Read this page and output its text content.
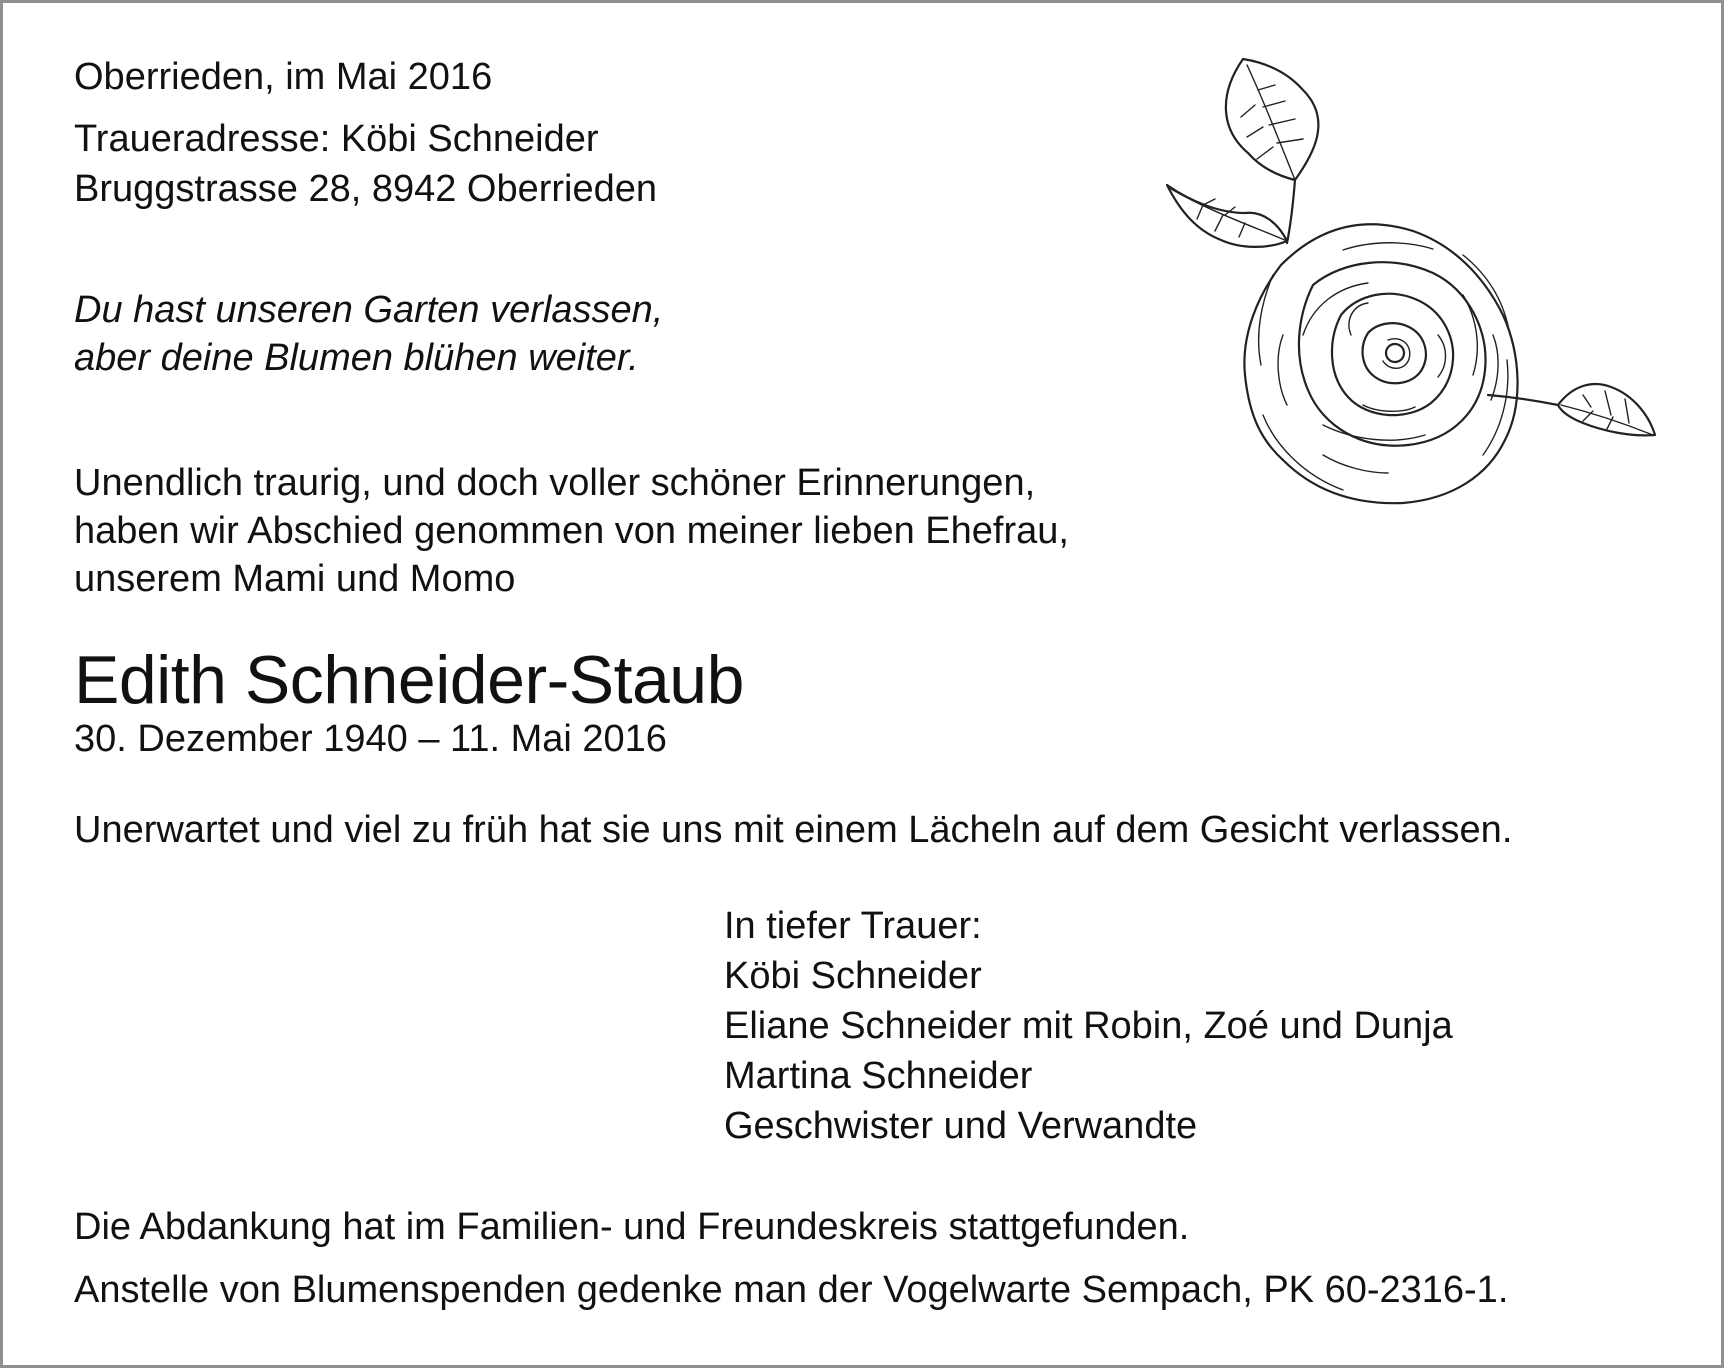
Oberrieden, im Mai 2016

Traueradresse: Köbi Schneider

Bruggstrasse 28, 8942 Oberrieden

Du hast unseren Garten verlassen,

aber deine Blumen blühen weiter.

Unendlich traurig, und doch voller schöner Erinnerungen,

haben wir Abschied genommen von meiner lieben Ehefrau,

unserem Mami und Momo

Edith Schneider-Staub

30. Dezember 1940 – 11. Mai 2016

Unerwartet und viel zu früh hat sie uns mit einem Lächeln auf dem Gesicht verlassen.

In tiefer Trauer:

Köbi Schneider

Eliane Schneider mit Robin, Zoé und Dunja

Martina Schneider

Geschwister und Verwandte

Die Abdankung hat im Familien- und Freundeskreis stattgefunden.

Anstelle von Blumenspenden gedenke man der Vogelwarte Sempach, PK 60-2316-1.
